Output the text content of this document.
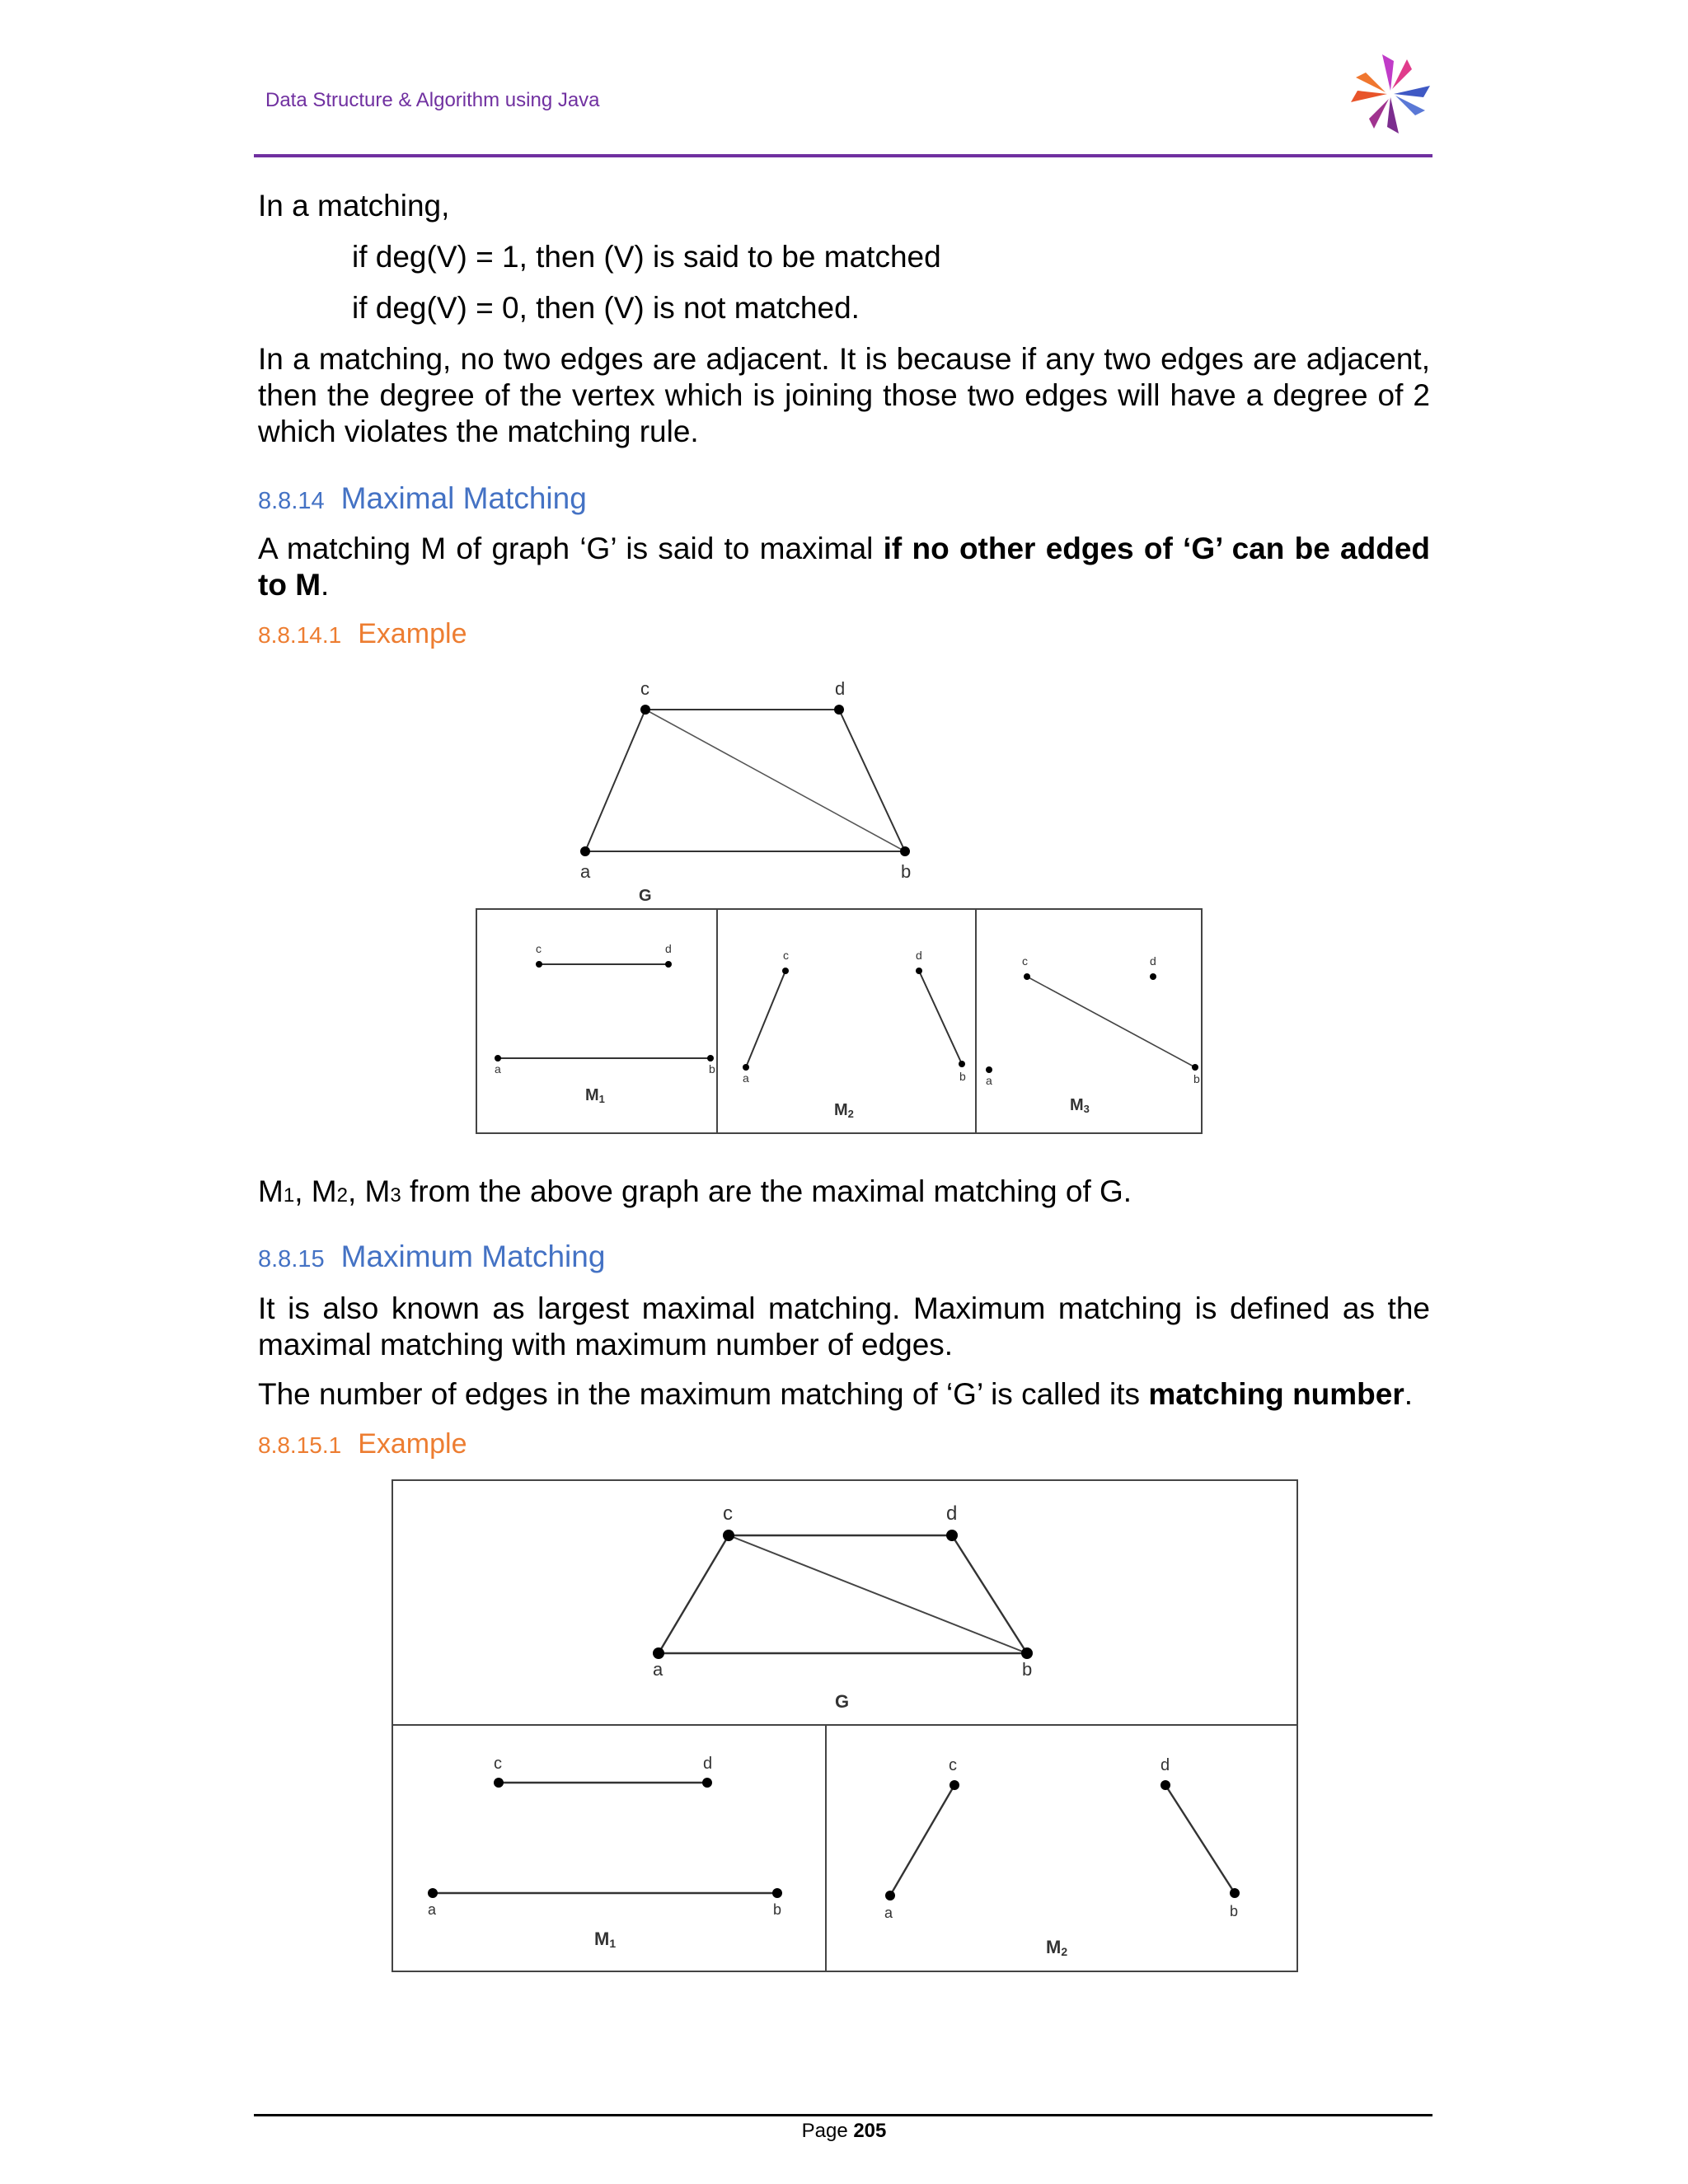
Data Structure & Algorithm using Java
In a matching,
if deg(V) = 1, then (V) is said to be matched
if deg(V) = 0, then (V) is not matched.
In a matching, no two edges are adjacent. It is because if any two edges are adjacent, then the degree of the vertex which is joining those two edges will have a degree of 2 which violates the matching rule.
8.8.14 Maximal Matching
A matching M of graph ‘G’ is said to maximal if no other edges of ‘G’ can be added to M.
8.8.14.1 Example
c	d
a	b
G
c	d
a	b
M1
c	d
a	b
M2
c	d
a	b
M3
M1, M2, M3 from the above graph are the maximal matching of G.
8.8.15 Maximum Matching
It is also known as largest maximal matching. Maximum matching is defined as the maximal matching with maximum number of edges.
The number of edges in the maximum matching of ‘G’ is called its matching number.
8.8.15.1 Example
c	d
a	b
G
c	d
a	b
M1
c	d
a	b
M2
Page 205
